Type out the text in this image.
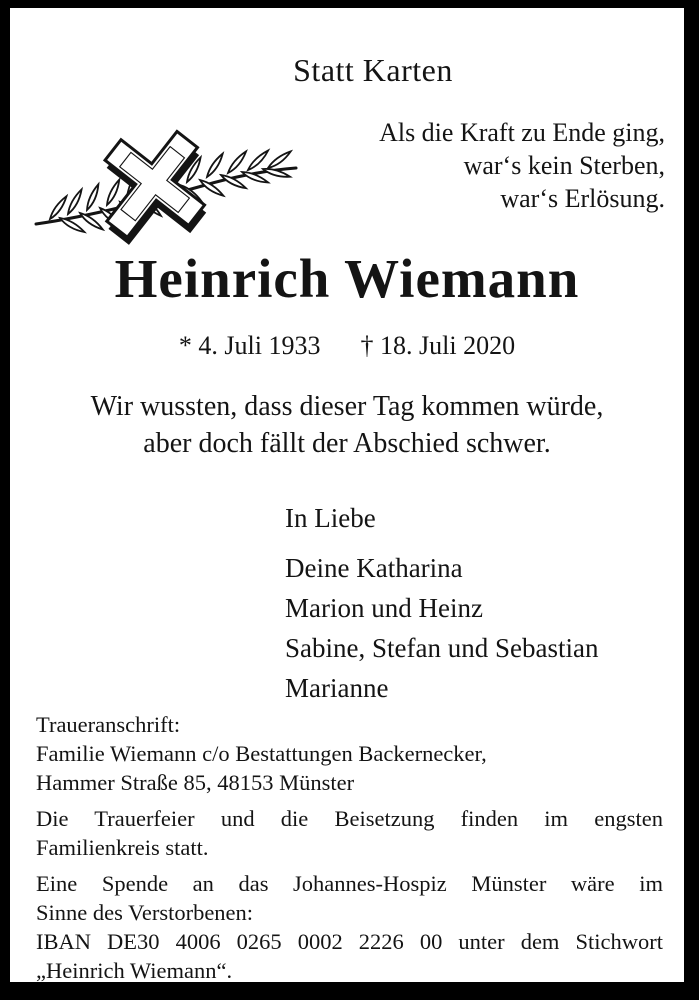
Statt Karten
Als die Kraft zu Ende ging,
war‘s kein Sterben,
war‘s Erlösung.
Heinrich Wiemann
* 4. Juli 1933 † 18. Juli 2020
Wir wussten, dass dieser Tag kommen würde,
aber doch fällt der Abschied schwer.
In Liebe
Deine Katharina
Marion und Heinz
Sabine, Stefan und Sebastian
Marianne
Traueranschrift:
Familie Wiemann c/o Bestattungen Backernecker,
Hammer Straße 85, 48153 Münster
Die Trauerfeier und die Beisetzung finden im engsten
Familienkreis statt.
Eine Spende an das Johannes-Hospiz Münster wäre im
Sinne des Verstorbenen:
IBAN DE30 4006 0265 0002 2226 00 unter dem Stichwort
„Heinrich Wiemann“.
